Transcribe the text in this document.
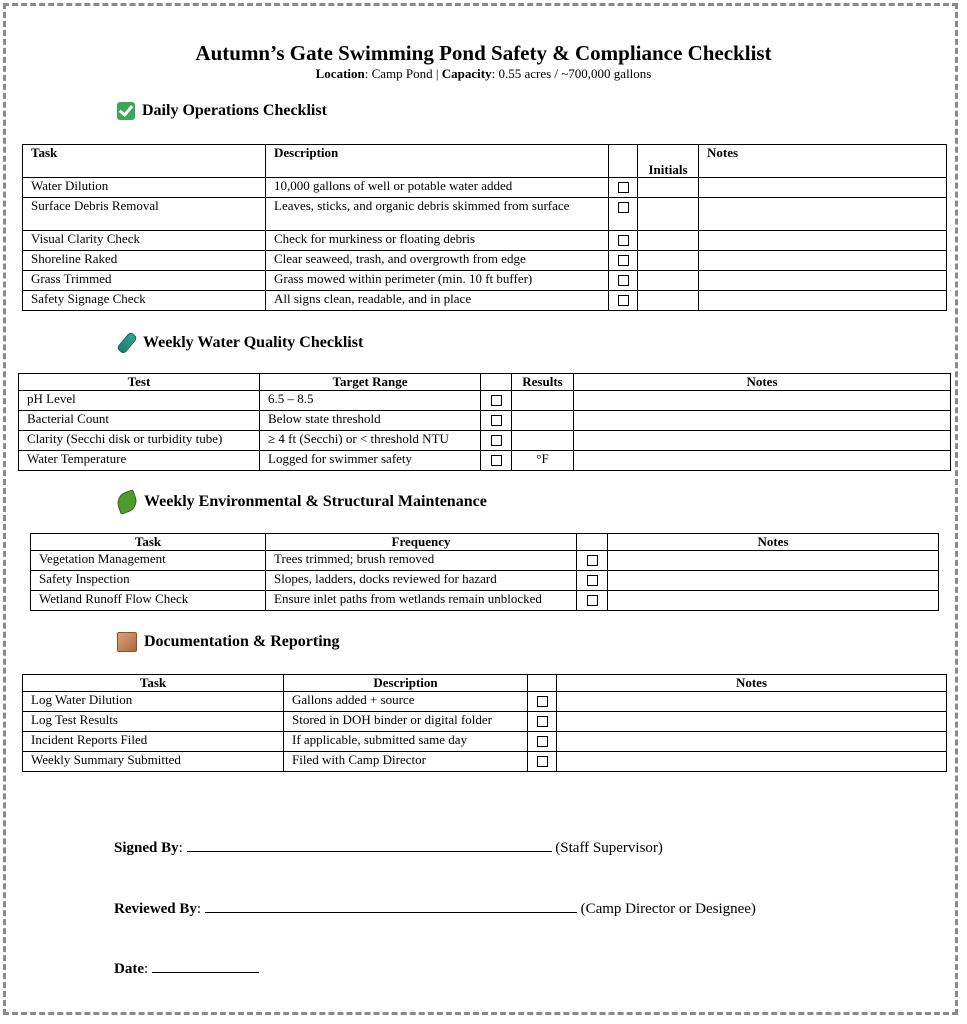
Autumn’s Gate Swimming Pond Safety & Compliance Checklist
Location: Camp Pond | Capacity: 0.55 acres / ~700,000 gallons
Daily Operations Checklist
Task	Description		Initials	Notes
Water Dilution	10,000 gallons of well or potable water added			
Surface Debris Removal	Leaves, sticks, and organic debris skimmed from surface			
Visual Clarity Check	Check for murkiness or floating debris			
Shoreline Raked	Clear seaweed, trash, and overgrowth from edge			
Grass Trimmed	Grass mowed within perimeter (min. 10 ft buffer)			
Safety Signage Check	All signs clean, readable, and in place			
Weekly Water Quality Checklist
Test	Target Range		Results	Notes
pH Level	6.5 – 8.5			
Bacterial Count	Below state threshold			
Clarity (Secchi disk or turbidity tube)	≥ 4 ft (Secchi) or < threshold NTU			
Water Temperature	Logged for swimmer safety		°F	
Weekly Environmental & Structural Maintenance
Task	Frequency		Notes
Vegetation Management	Trees trimmed; brush removed		
Safety Inspection	Slopes, ladders, docks reviewed for hazard		
Wetland Runoff Flow Check	Ensure inlet paths from wetlands remain unblocked		
Documentation & Reporting
Task	Description		Notes
Log Water Dilution	Gallons added + source		
Log Test Results	Stored in DOH binder or digital folder		
Incident Reports Filed	If applicable, submitted same day		
Weekly Summary Submitted	Filed with Camp Director		
Signed By:	(Staff Supervisor)
Reviewed By:	(Camp Director or Designee)
Date:
